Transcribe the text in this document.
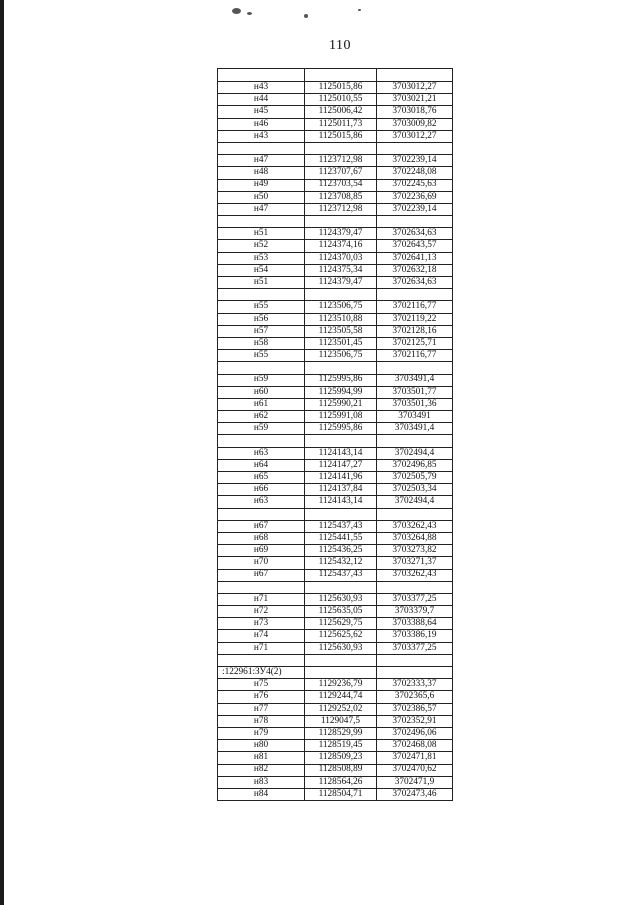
110

н43	1125015,86	3703012,27
н44	1125010,55	3703021,21
н45	1125006,42	3703018,76
н46	1125011,73	3703009,82
н43	1125015,86	3703012,27

н47	1123712,98	3702239,14
н48	1123707,67	3702248,08
н49	1123703,54	3702245,63
н50	1123708,85	3702236,69
н47	1123712,98	3702239,14

н51	1124379,47	3702634,63
н52	1124374,16	3702643,57
н53	1124370,03	3702641,13
н54	1124375,34	3702632,18
н51	1124379,47	3702634,63

н55	1123506,75	3702116,77
н56	1123510,88	3702119,22
н57	1123505,58	3702128,16
н58	1123501,45	3702125,71
н55	1123506,75	3702116,77

н59	1125995,86	3703491,4
н60	1125994,99	3703501,77
н61	1125990,21	3703501,36
н62	1125991,08	3703491
н59	1125995,86	3703491,4

н63	1124143,14	3702494,4
н64	1124147,27	3702496,85
н65	1124141,96	3702505,79
н66	1124137,84	3702503,34
н63	1124143,14	3702494,4

н67	1125437,43	3703262,43
н68	1125441,55	3703264,88
н69	1125436,25	3703273,82
н70	1125432,12	3703271,37
н67	1125437,43	3703262,43

н71	1125630,93	3703377,25
н72	1125635,05	3703379,7
н73	1125629,75	3703388,64
н74	1125625,62	3703386,19
н71	1125630,93	3703377,25

:122961:ЗУ4(2)		
н75	1129236,79	3702333,37
н76	1129244,74	3702365,6
н77	1129252,02	3702386,57
н78	1129047,5	3702352,91
н79	1128529,99	3702496,06
н80	1128519,45	3702468,08
н81	1128509,23	3702471,81
н82	1128508,89	3702470,62
н83	1128564,26	3702471,9
н84	1128504,71	3702473,46
